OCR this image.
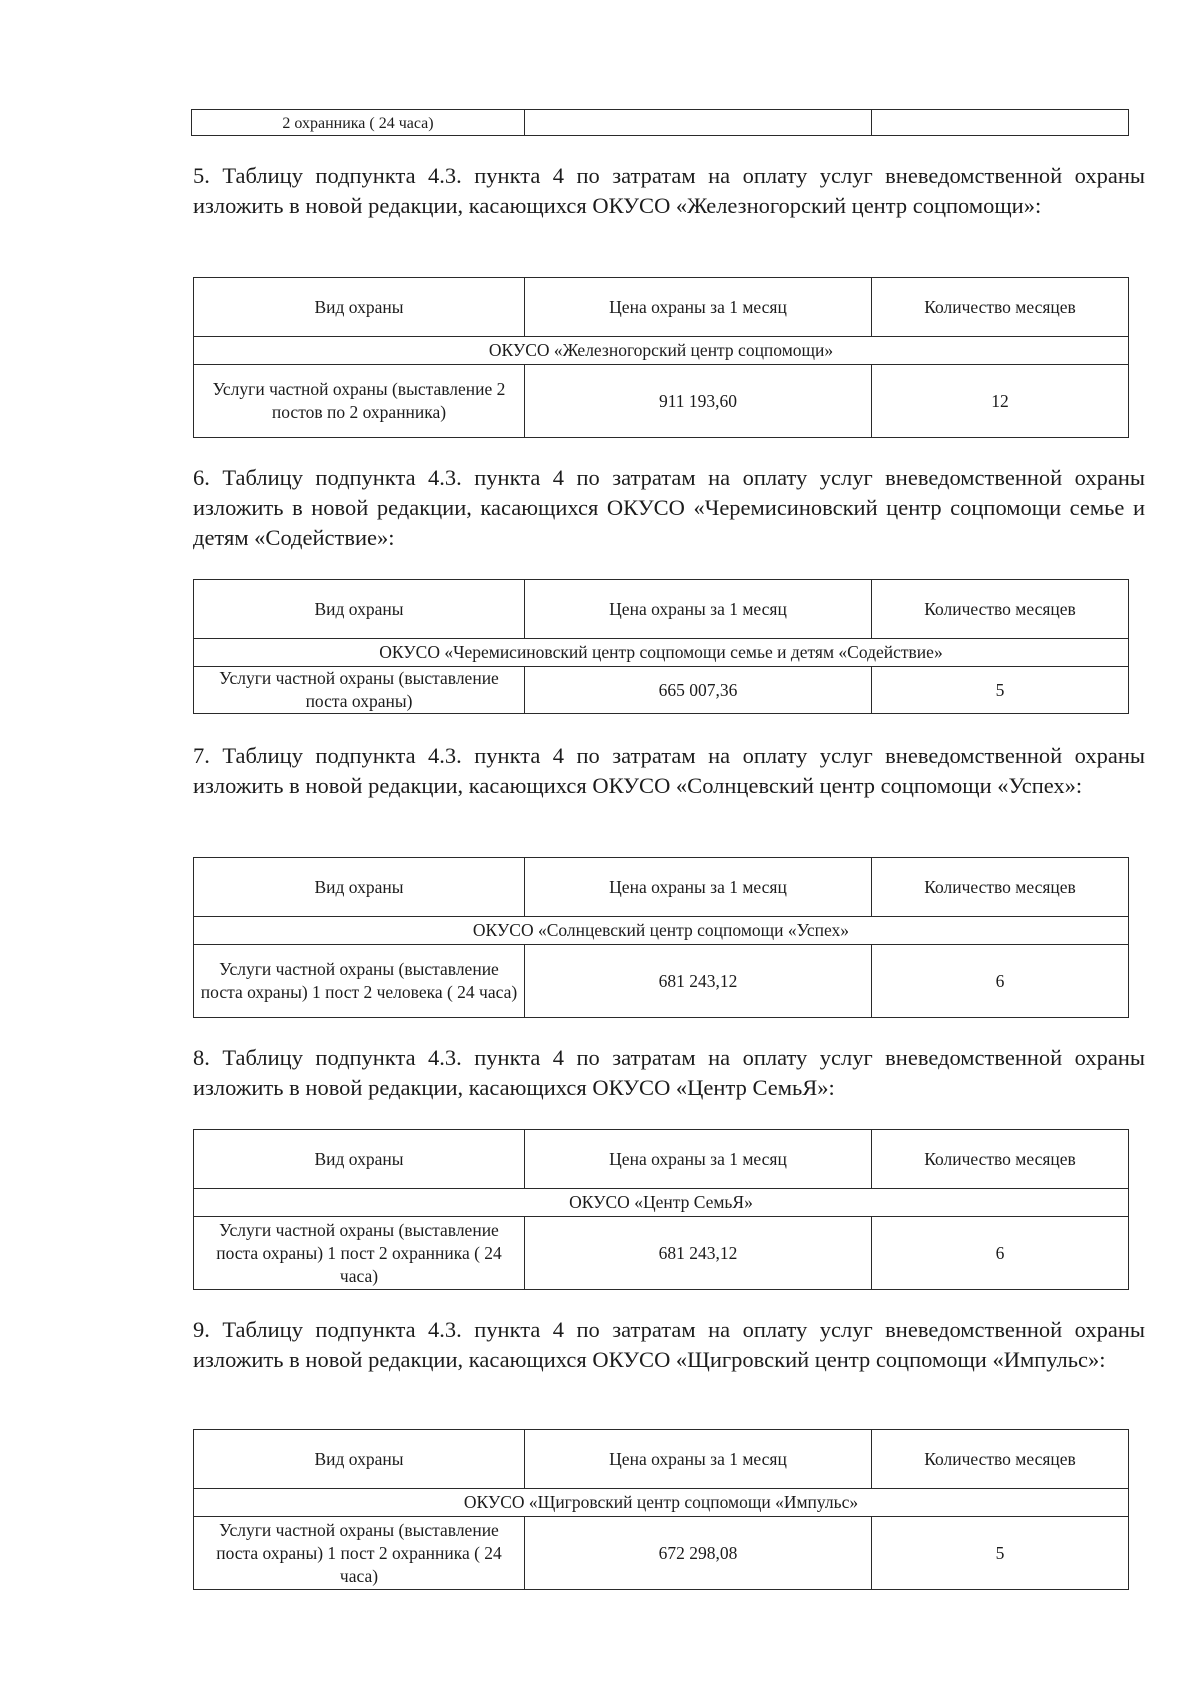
2 охранника ( 24 часа)		

5. Таблицу подпункта 4.3. пункта 4 по затратам на оплату услуг вневедомственной охраны изложить в новой редакции, касающихся ОКУСО «Железногорский центр соцпомощи»:

Вид охраны	Цена охраны за 1 месяц	Количество месяцев
ОКУСО «Железногорский центр соцпомощи»		
Услуги частной охраны (выставление 2 постов по 2 охранника)	911 193,60	12

6. Таблицу подпункта 4.3. пункта 4 по затратам на оплату услуг вневедомственной охраны изложить в новой редакции, касающихся ОКУСО «Черемисиновский центр соцпомощи семье и детям «Содействие»:

Вид охраны	Цена охраны за 1 месяц	Количество месяцев
ОКУСО «Черемисиновский центр соцпомощи семье и детям «Содействие»		
Услуги частной охраны (выставление поста охраны)	665 007,36	5

7. Таблицу подпункта 4.3. пункта 4 по затратам на оплату услуг вневедомственной охраны изложить в новой редакции, касающихся ОКУСО «Солнцевский центр соцпомощи «Успех»:

Вид охраны	Цена охраны за 1 месяц	Количество месяцев
ОКУСО «Солнцевский центр соцпомощи «Успех»		
Услуги частной охраны (выставление поста охраны) 1 пост 2 человека ( 24 часа)	681 243,12	6

8. Таблицу подпункта 4.3. пункта 4 по затратам на оплату услуг вневедомственной охраны изложить в новой редакции, касающихся ОКУСО «Центр СемьЯ»:

Вид охраны	Цена охраны за 1 месяц	Количество месяцев
ОКУСО «Центр СемьЯ»		
Услуги частной охраны (выставление поста охраны) 1 пост 2 охранника ( 24 часа)	681 243,12	6

9. Таблицу подпункта 4.3. пункта 4 по затратам на оплату услуг вневедомственной охраны изложить в новой редакции, касающихся ОКУСО «Щигровский центр соцпомощи «Импульс»:

Вид охраны	Цена охраны за 1 месяц	Количество месяцев
ОКУСО «Щигровский центр соцпомощи «Импульс»		
Услуги частной охраны (выставление поста охраны) 1 пост 2 охранника ( 24 часа)	672 298,08	5
